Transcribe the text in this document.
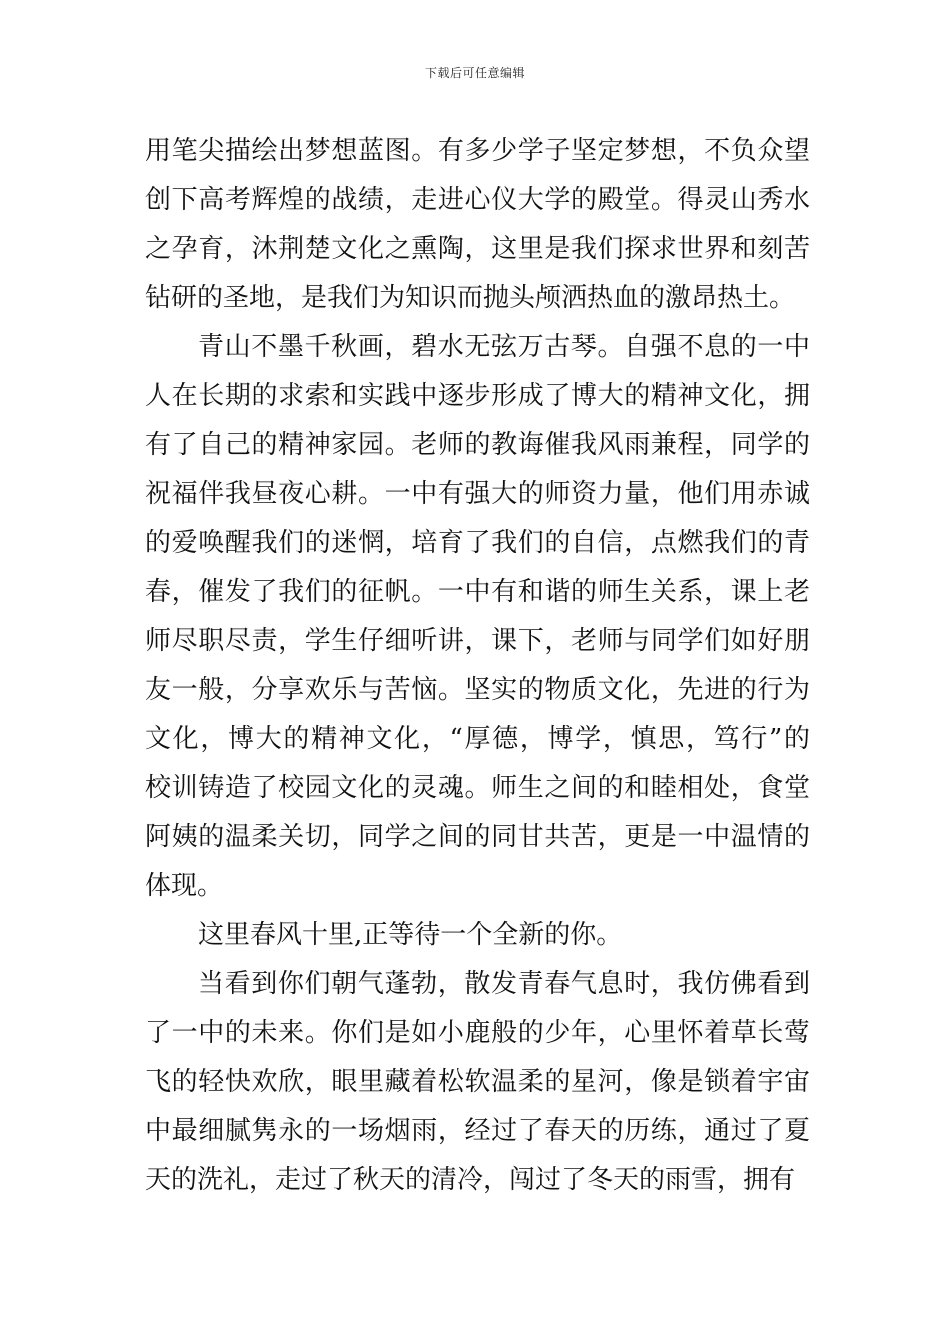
下载后可任意编辑
用笔尖描绘出梦想蓝图。有多少学子坚定梦想，不负众望
创下高考辉煌的战绩，走进心仪大学的殿堂。得灵山秀水
之孕育，沐荆楚文化之熏陶，这里是我们探求世界和刻苦
钻研的圣地，是我们为知识而抛头颅洒热血的激昂热土。
青山不墨千秋画，碧水无弦万古琴。自强不息的一中
人在长期的求索和实践中逐步形成了博大的精神文化，拥
有了自己的精神家园。老师的教诲催我风雨兼程，同学的
祝福伴我昼夜心耕。一中有强大的师资力量，他们用赤诚
的爱唤醒我们的迷惘，培育了我们的自信，点燃我们的青
春，催发了我们的征帆。一中有和谐的师生关系，课上老
师尽职尽责，学生仔细听讲，课下，老师与同学们如好朋
友一般，分享欢乐与苦恼。坚实的物质文化，先进的行为
文化，博大的精神文化，“厚德，博学，慎思，笃行”的
校训铸造了校园文化的灵魂。师生之间的和睦相处，食堂
阿姨的温柔关切，同学之间的同甘共苦，更是一中温情的
体现。
这里春风十里,正等待一个全新的你。
当看到你们朝气蓬勃，散发青春气息时，我仿佛看到
了一中的未来。你们是如小鹿般的少年，心里怀着草长莺
飞的轻快欢欣，眼里藏着松软温柔的星河，像是锁着宇宙
中最细腻隽永的一场烟雨，经过了春天的历练，通过了夏
天的洗礼，走过了秋天的清冷，闯过了冬天的雨雪，拥有
